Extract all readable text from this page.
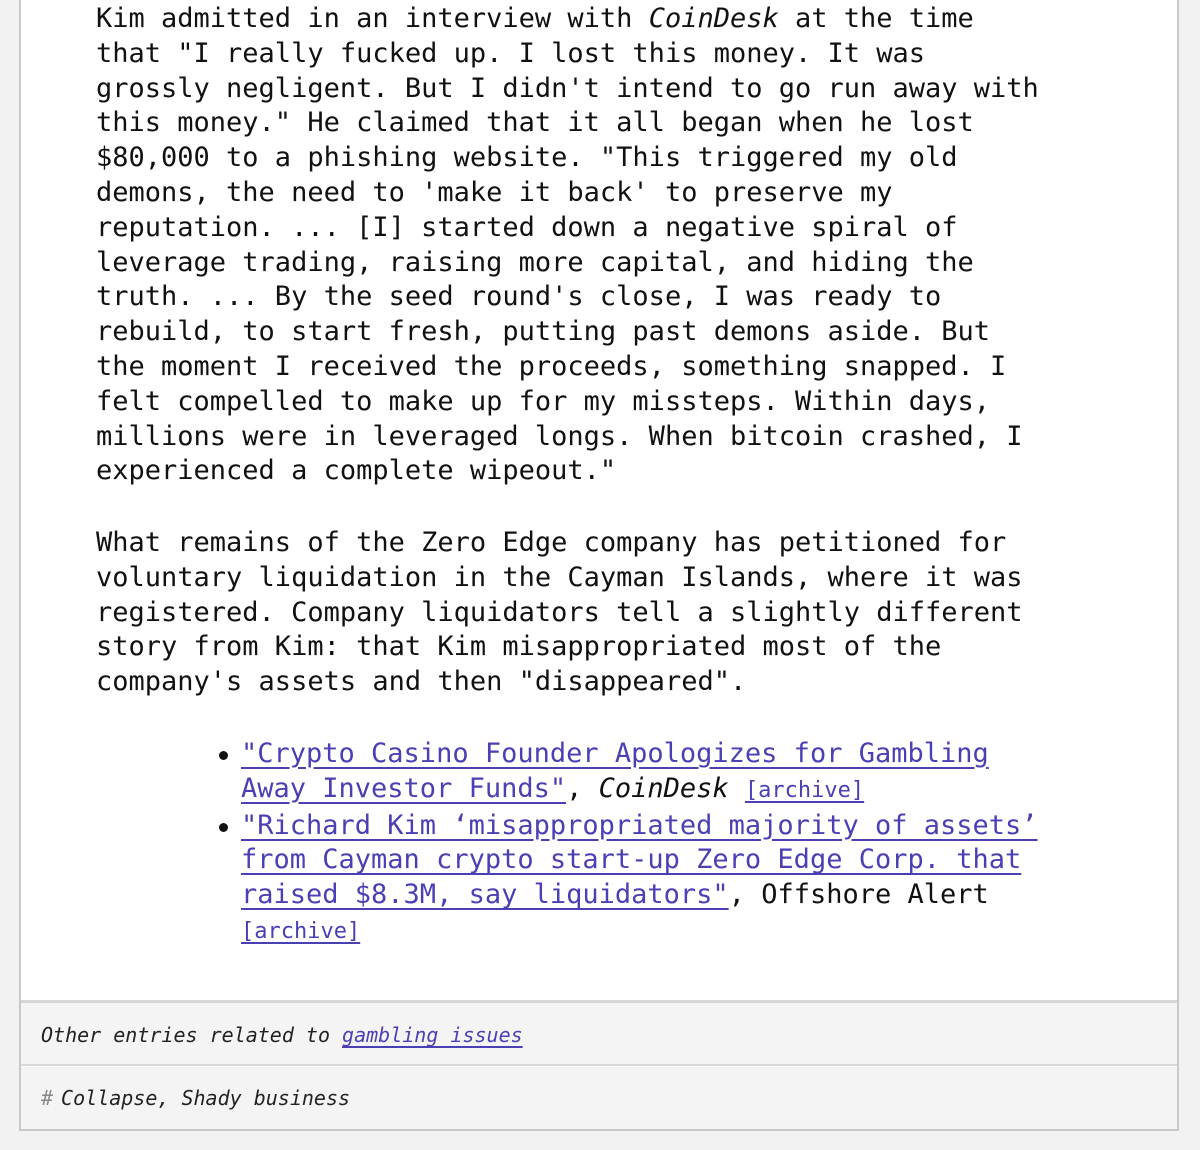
Kim admitted in an interview with CoinDesk at the time
that "I really fucked up. I lost this money. It was
grossly negligent. But I didn't intend to go run away with
this money." He claimed that it all began when he lost
$80,000 to a phishing website. "This triggered my old
demons, the need to 'make it back' to preserve my
reputation. ... [I] started down a negative spiral of
leverage trading, raising more capital, and hiding the
truth. ... By the seed round's close, I was ready to
rebuild, to start fresh, putting past demons aside. But
the moment I received the proceeds, something snapped. I
felt compelled to make up for my missteps. Within days,
millions were in leveraged longs. When bitcoin crashed, I
experienced a complete wipeout."

What remains of the Zero Edge company has petitioned for
voluntary liquidation in the Cayman Islands, where it was
registered. Company liquidators tell a slightly different
story from Kim: that Kim misappropriated most of the
company's assets and then "disappeared".

"Crypto Casino Founder Apologizes for Gambling
Away Investor Funds", CoinDesk [archive]
"Richard Kim ‘misappropriated majority of assets’
from Cayman crypto start-up Zero Edge Corp. that
raised $8.3M, say liquidators", Offshore Alert
[archive]
Other entries related to gambling issues
# Collapse, Shady business
